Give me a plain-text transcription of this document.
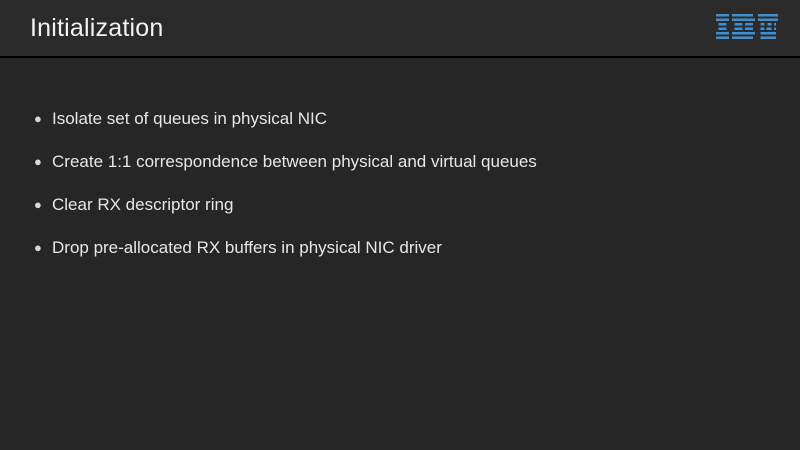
Initialization
● Isolate set of queues in physical NIC
● Create 1:1 correspondence between physical and virtual queues
● Clear RX descriptor ring
● Drop pre-allocated RX buffers in physical NIC driver
